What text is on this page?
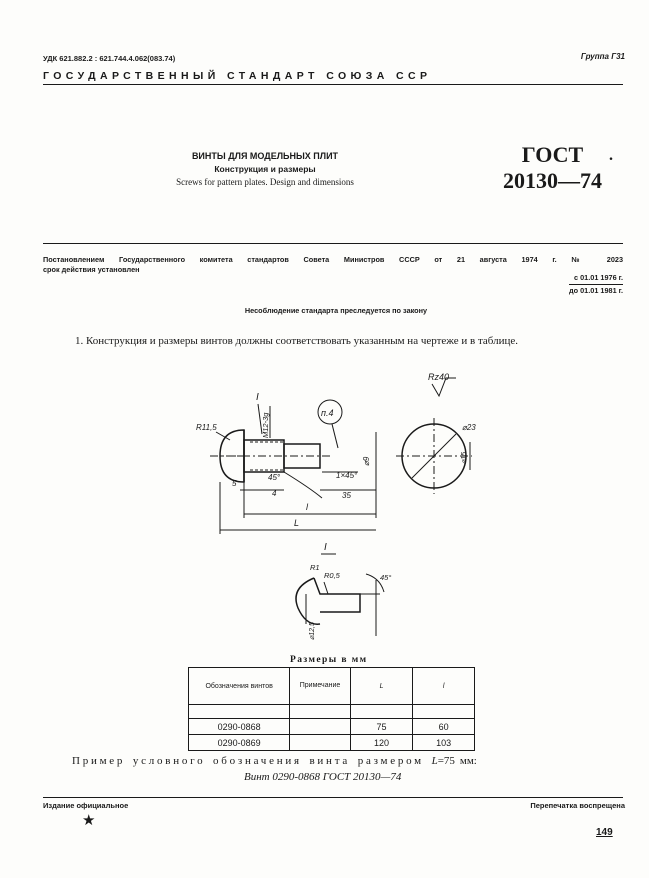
УДК 621.882.2 : 621.744.4.062(083.74)	Группа Г31
ГОСУДАРСТВЕННЫЙ СТАНДАРТ СОЮЗА ССР
ВИНТЫ ДЛЯ МОДЕЛЬНЫХ ПЛИТ
Конструкция и размеры
Screws for pattern plates. Design and dimensions
ГОСТ
20130—74
.
Постановлением Государственного комитета стандартов Совета Министров СССР от 21 августа 1974 г. № 2023
срок действия установлен
с 01.01 1976 г.
до 01.01 1981 г.
Несоблюдение стандарта преследуется по закону
1. Конструкция и размеры винтов должны соответствовать указанным на чертеже и в таблице.
Rz40
I
R11,5	M12-3g	п.4
5
45°
4
1×45°
⌀9
35
l
L
⌀23
⌀15
I
R1
R0,5	45°
⌀12,5
Размеры в мм
Обозначения винтов	Примечание	L	l

0290-0868		75	60
0290-0869		120	103
Пример условного обозначения винта размером L=75 мм:
Винт 0290-0868 ГОСТ 20130—74
Издание официальное	Перепечатка воспрещена
★
149
